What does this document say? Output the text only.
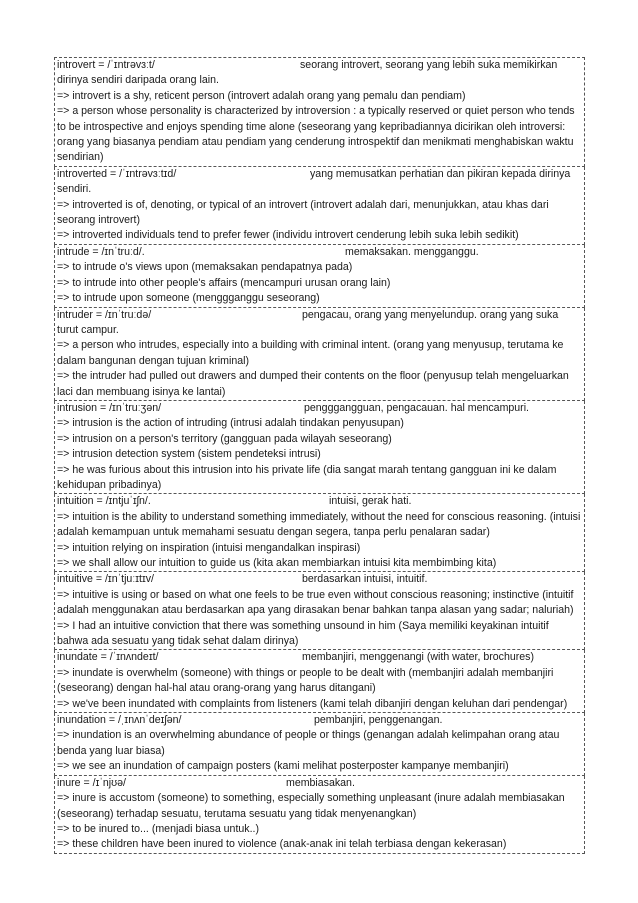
introvert = /ˈɪntrəvɜːt/	seorang introvert, seorang yang lebih suka memikirkan
dirinya sendiri daripada orang lain.
=> introvert is a shy, reticent person (introvert adalah orang yang pemalu dan pendiam)
=> a person whose personality is characterized by introversion : a typically reserved or quiet person who tends to be introspective and enjoys spending time alone (seseorang yang kepribadiannya dicirikan oleh introversi: orang yang biasanya pendiam atau pendiam yang cenderung introspektif dan menikmati menghabiskan waktu sendirian)
introverted = /ˈɪntrəvɜːtɪd/	yang memusatkan perhatian dan pikiran kepada dirinya
sendiri.
=> introverted is of, denoting, or typical of an introvert (introvert adalah dari, menunjukkan, atau khas dari seorang introvert)
=> introverted individuals tend to prefer fewer (individu introvert cenderung lebih suka lebih sedikit)
intrude = /ɪnˈtruːd/.	memaksakan. mengganggu.
=> to intrude o's views upon (memaksakan pendapatnya pada)
=> to intrude into other people's affairs (mencampuri urusan orang lain)
=> to intrude upon someone (menggganggu seseorang)
intruder = /ɪnˈtruːdə/	pengacau, orang yang menyelundup. orang yang suka
turut campur.
=> a person who intrudes, especially into a building with criminal intent. (orang yang menyusup, terutama ke dalam bangunan dengan tujuan kriminal)
=> the intruder had pulled out drawers and dumped their contents on the floor (penyusup telah mengeluarkan laci dan membuang isinya ke lantai)
intrusion = /ɪnˈtruːʒən/	pengggangguan, pengacauan. hal mencampuri.
=> intrusion is the action of intruding (intrusi adalah tindakan penyusupan)
=> intrusion on a person's territory (gangguan pada wilayah seseorang)
=> intrusion detection system (sistem pendeteksi intrusi)
=> he was furious about this intrusion into his private life (dia sangat marah tentang gangguan ini ke dalam kehidupan pribadinya)
intuition = /ɪntjuˈɪʃn/.	intuisi, gerak hati.
=> intuition is the ability to understand something immediately, without the need for conscious reasoning. (intuisi adalah kemampuan untuk memahami sesuatu dengan segera, tanpa perlu penalaran sadar)
=> intuition relying on inspiration (intuisi mengandalkan inspirasi)
=> we shall allow our intuition to guide us (kita akan membiarkan intuisi kita membimbing kita)
intuitive = /ɪnˈtjuːɪtɪv/	berdasarkan intuisi, intuitif.
=> intuitive is using or based on what one feels to be true even without conscious reasoning; instinctive (intuitif adalah menggunakan atau berdasarkan apa yang dirasakan benar bahkan tanpa alasan yang sadar; naluriah)
=> I had an intuitive conviction that there was something unsound in him (Saya memiliki keyakinan intuitif bahwa ada sesuatu yang tidak sehat dalam dirinya)
inundate = /ˈɪnʌndeɪt/	membanjiri, menggenangi (with water, brochures)
=> inundate is overwhelm (someone) with things or people to be dealt with (membanjiri adalah membanjiri (seseorang) dengan hal-hal atau orang-orang yang harus ditangani)
=> we've been inundated with complaints from listeners (kami telah dibanjiri dengan keluhan dari pendengar)
inundation = /ˌɪnʌnˈdeɪʃən/	pembanjiri, penggenangan.
=> inundation is an overwhelming abundance of people or things (genangan adalah kelimpahan orang atau benda yang luar biasa)
=> we see an inundation of campaign posters (kami melihat posterposter kampanye membanjiri)
inure = /ɪˈnjʊə/	membiasakan.
=> inure is accustom (someone) to something, especially something unpleasant (inure adalah membiasakan (seseorang) terhadap sesuatu, terutama sesuatu yang tidak menyenangkan)
=> to be inured to... (menjadi biasa untuk..)
=> these children have been inured to violence (anak-anak ini telah terbiasa dengan kekerasan)
